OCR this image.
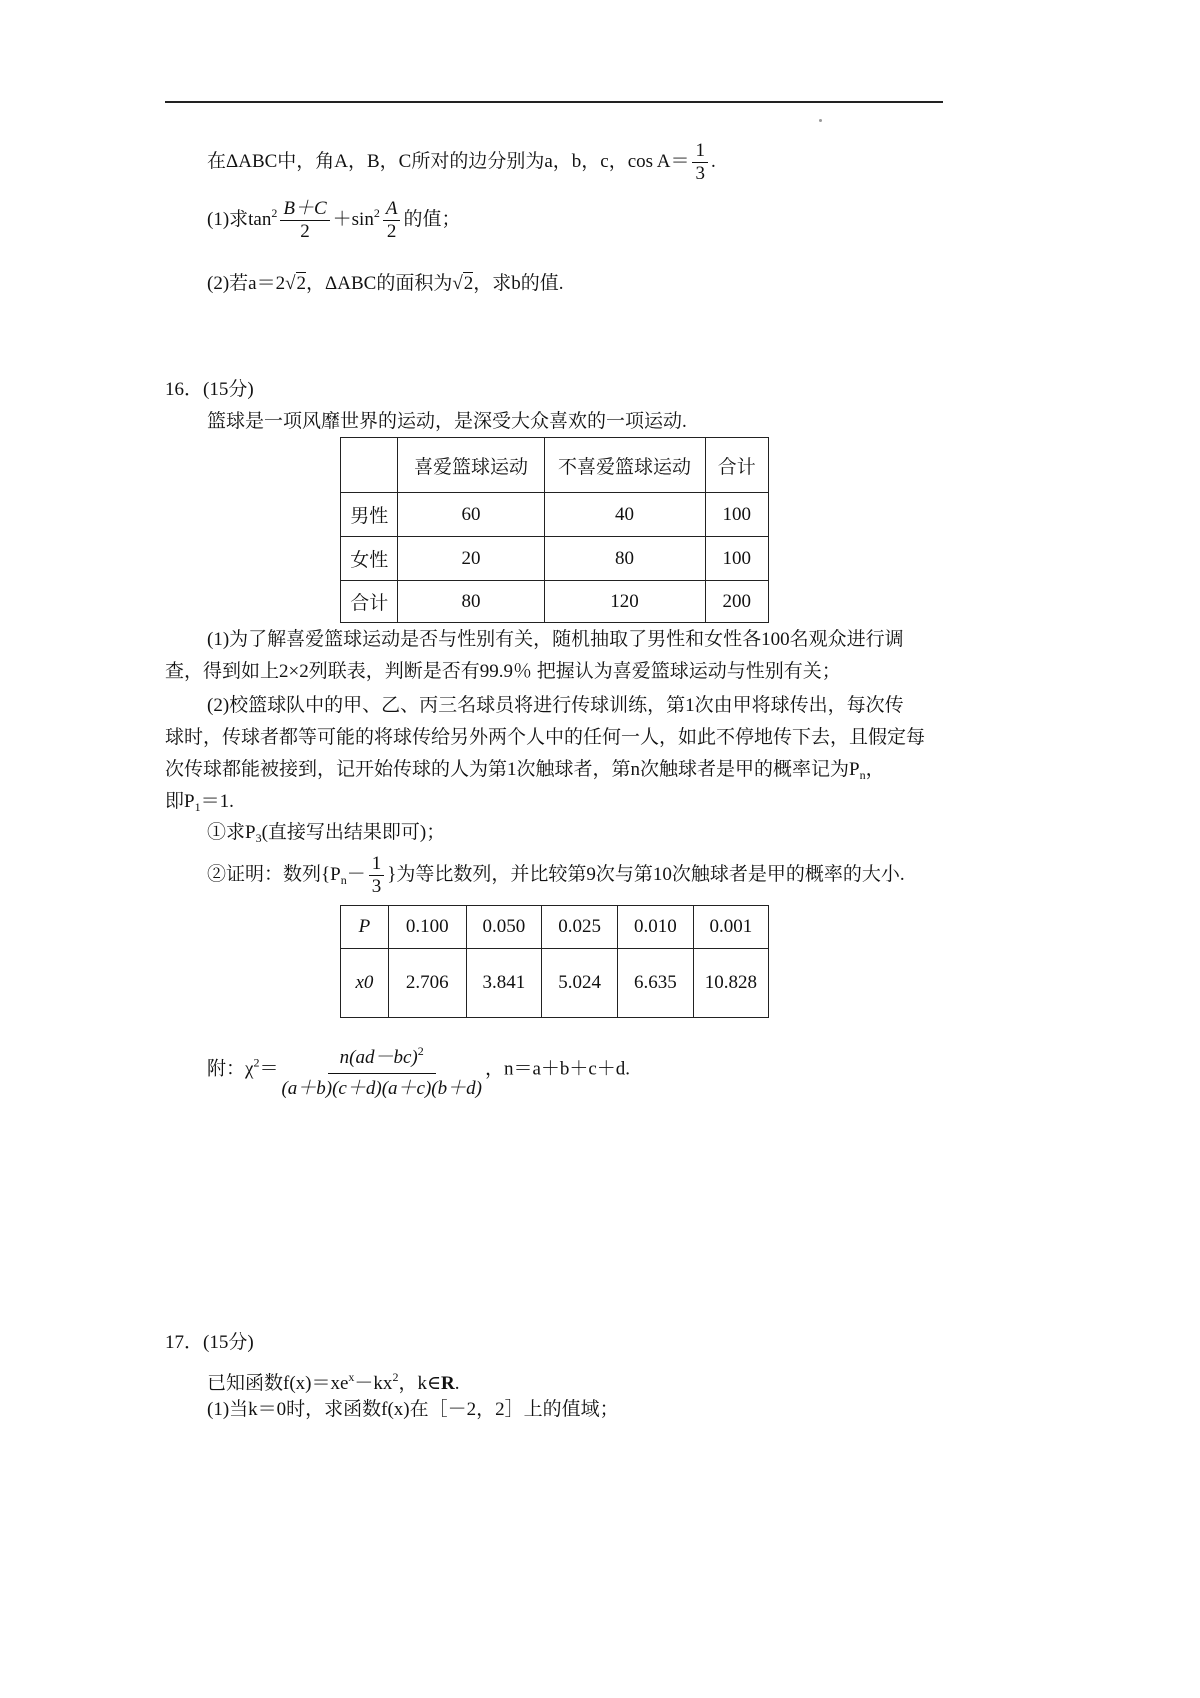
在ΔABC中，角A，B，C所对的边分别为a，b，c，$\cos A= \frac{1}{3}$ .
(1)求$\tan^2 \frac{B+C}{2} +\sin^2 \frac{A}{2}$ 的值；
(2)若a＝2√2，ΔABC的面积为√2，求b的值.
16．(15分)
篮球是一项风靡世界的运动，是深受大众喜欢的一项运动.
	喜爱篮球运动	不喜爱篮球运动	合计
男性	60	40	100
女性	20	80	100
合计	80	120	200
(1)为了解喜爱篮球运动是否与性别有关，随机抽取了男性和女性各100名观众进行调
查，得到如上2×2列联表，判断是否有99.9％ 把握认为喜爱篮球运动与性别有关；
(2)校篮球队中的甲、乙、丙三名球员将进行传球训练，第1次由甲将球传出，每次传
球时，传球者都等可能的将球传给另外两个人中的任何一人，如此不停地传下去，且假定每
次传球都能被接到，记开始传球的人为第1次触球者，第n次触球者是甲的概率记为$P_n$，
即$P_1=1$.
①求$P_3$(直接写出结果即可)；
②证明：数列{$P_n- \frac{1}{3}$ }为等比数列，并比较第9次与第10次触球者是甲的概率的大小.
P	0.100	0.050	0.025	0.010	0.001
x0	2.706	3.841	5.024	6.635	10.828
附：$\chi^2= \frac{n(ad-bc)^2}{(a+b)(c+d)(a+c)(b+d)}$ ，n＝a＋b＋c＋d.
17．(15分)
已知函数$f(x)=xe^x-kx^2$，k∈R.
(1)当k＝0时，求函数f(x)在［－2，2］上的值域；
